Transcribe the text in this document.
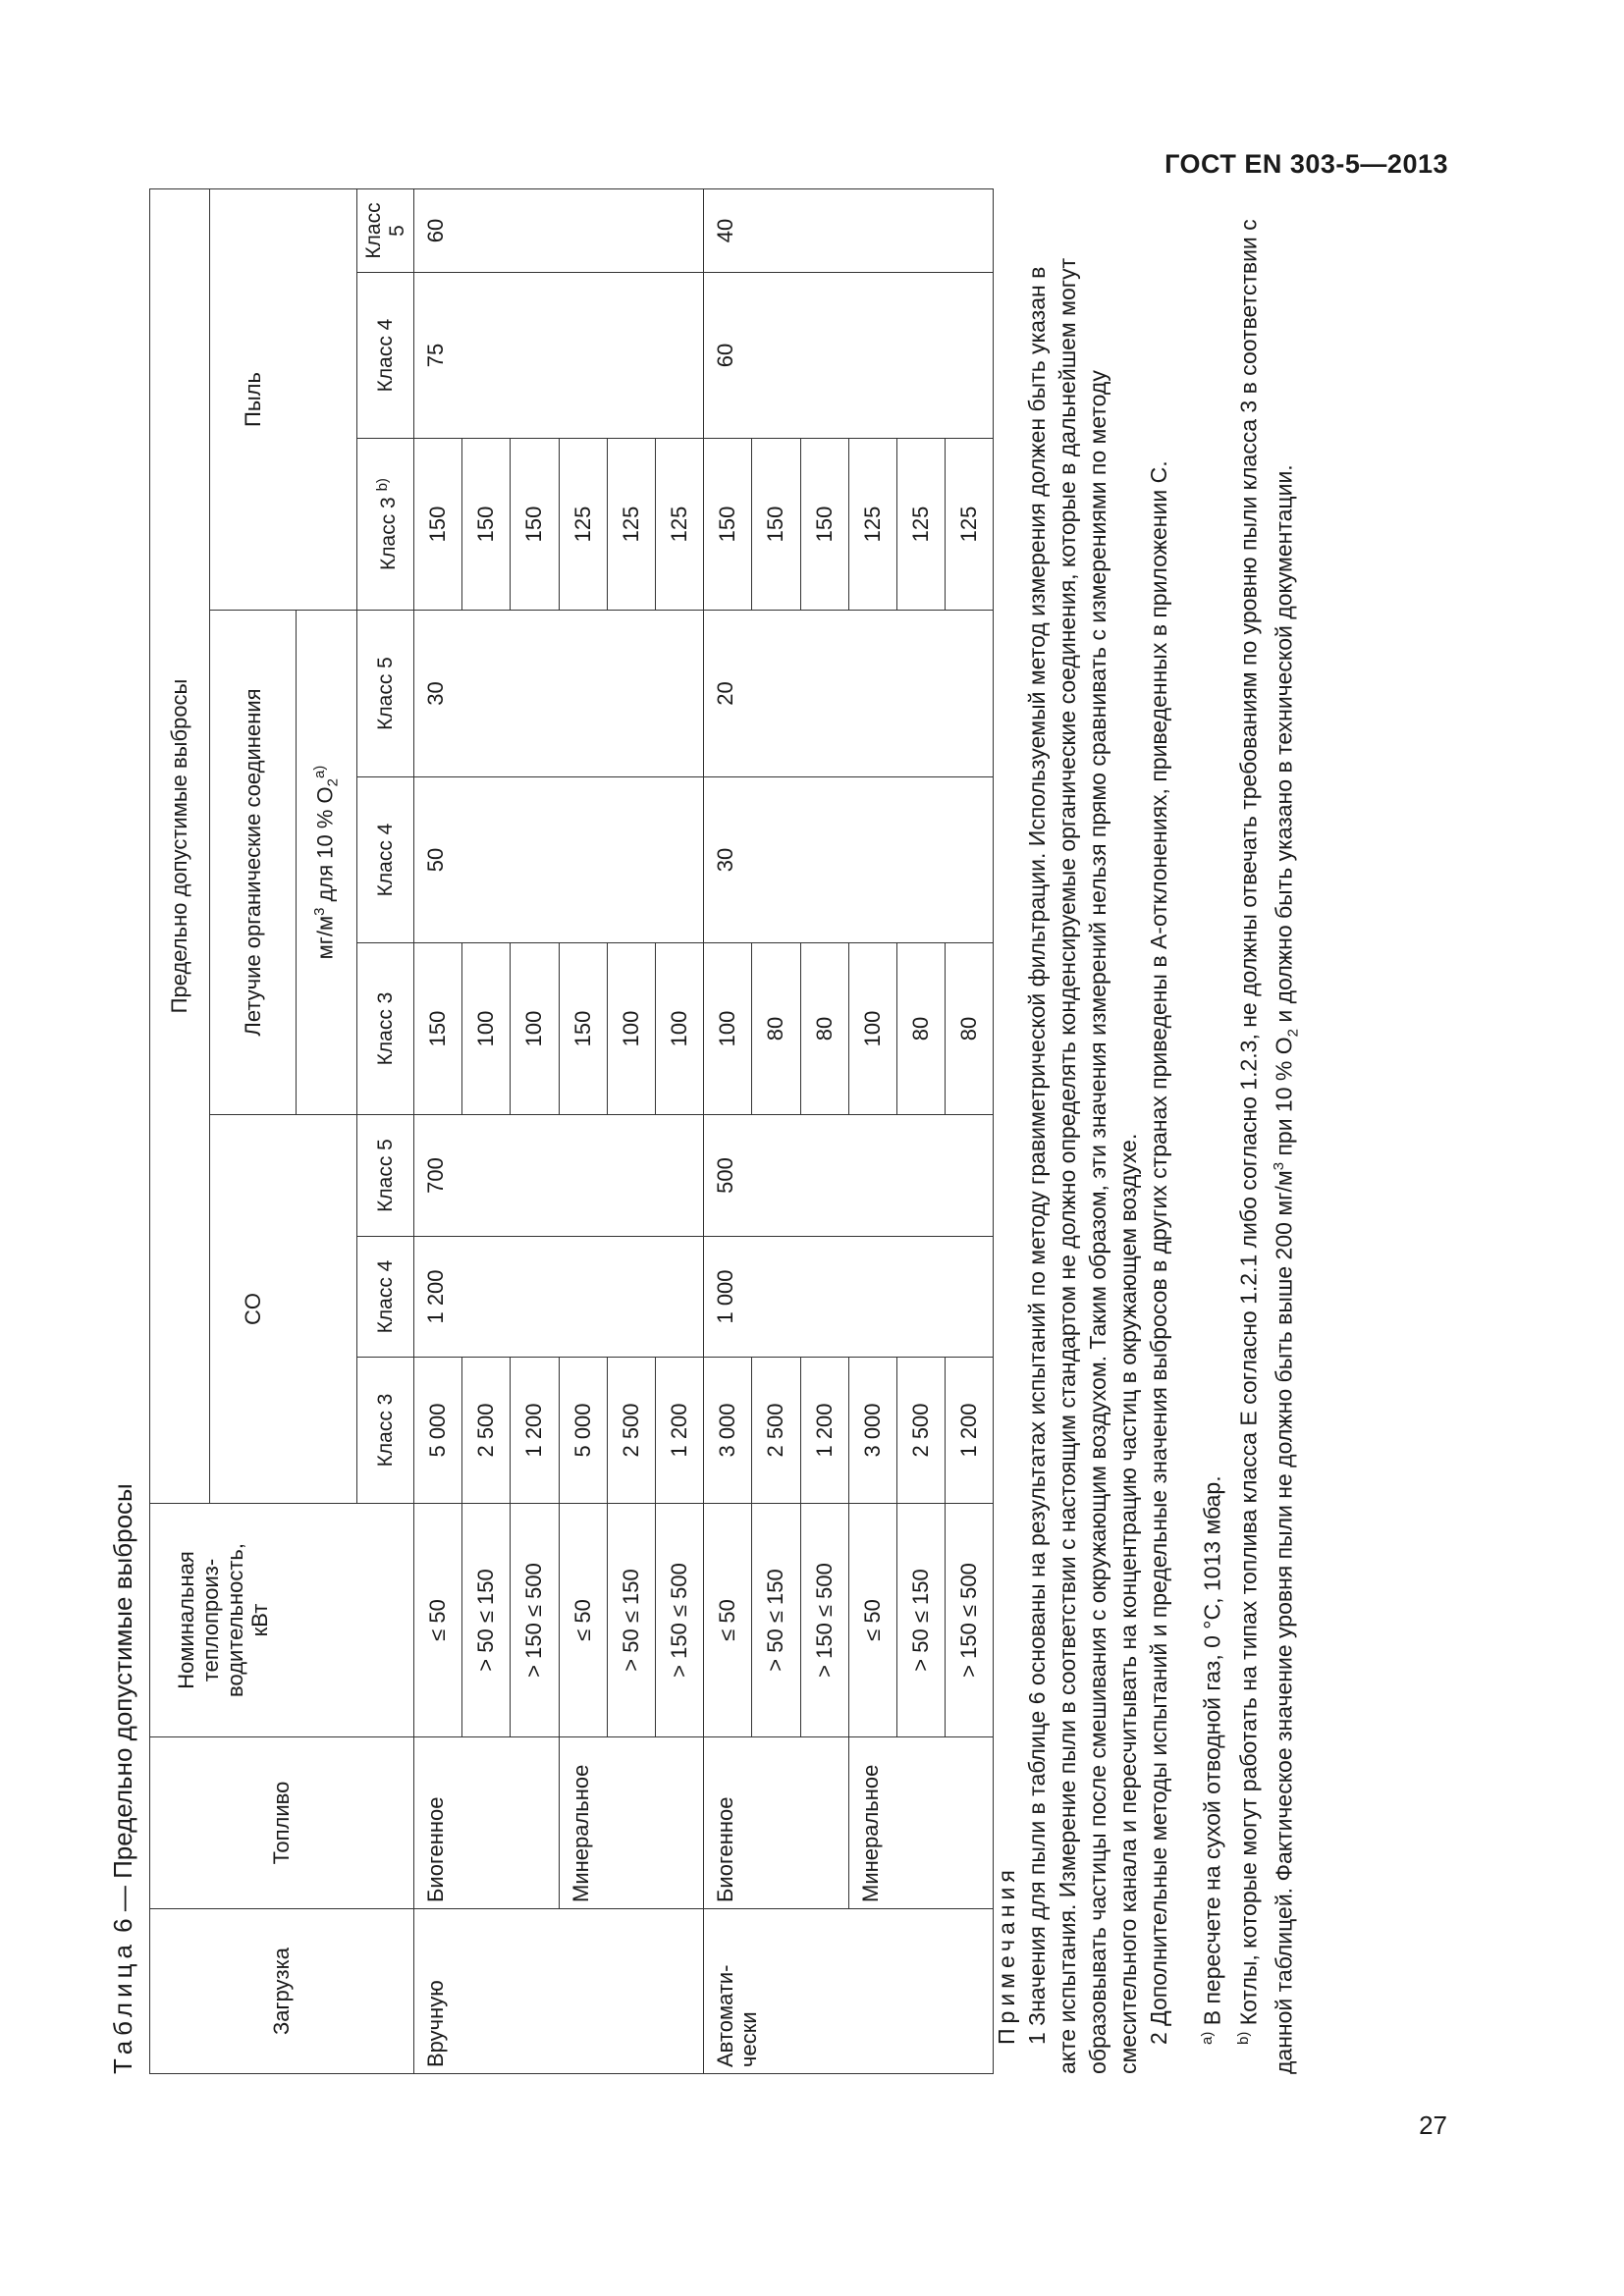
ГОСТ EN 303-5—2013
Таблица 6 — Предельно допустимые выбросы
Загрузка	Топливо	Номинальная
теплопроиз-
водительность,
кВт	Предельно допустимые выбросы								
			CO			Летучие органические соединения			Пыль		
						$мг/м^3$ для 10 % $O_2^{a)}$	
			Класс 3	Класс 4	Класс 5	Класс 3	Класс 4	Класс 5	Класс 3 $^{b)}$	Класс 4	Класс 5
Вручную	Биогенное	≤ 50	5 000	1 200	700	150	50	30	150	75	60
		> 50 ≤ 150	2 500			100			150		
		> 150 ≤ 500	1 200			100			150		
	Минеральное	≤ 50	5 000			150			125		
		> 50 ≤ 150	2 500			100			125		
		> 150 ≤ 500	1 200			100			125		
Автомати-чески	Биогенное	≤ 50	3 000	1 000	500	100	30	20	150	60	40
		> 50 ≤ 150	2 500			80			150		
		> 150 ≤ 500	1 200			80			150		
	Минеральное	≤ 50	3 000			100			125		
		> 50 ≤ 150	2 500			80			125		
		> 150 ≤ 500	1 200			80			125		

Примечания 1 Значения для пыли в таблице 6 основаны на результатах испытаний по методу гравиметрической фильтрации. Используемый метод измерения должен быть указан в акте испытания. Измерение пыли в соответствии с настоящим стандартом не должно определять конденсируемые органические соединения, которые в дальнейшем могут образовывать частицы после смешивания с окружающим воздухом. Таким образом, эти значения измерений нельзя прямо сравнивать с измерениями по методу смесительного канала и пересчитывать на концентрацию частиц в окружающем воздухе. 2 Дополнительные методы испытаний и предельные значения выбросов в других странах приведены в A-отклонениях, приведенных в приложении С.	$^{a)}$ В пересчете на сухой отводной газ, 0 °С, 1013 мбар.

$^{b)}$ Котлы, которые могут работать на типах топлива класса Е согласно 1.2.1 либо согласно 1.2.3, не должны отвечать требованиям по уровню пыли класса 3 в соответствии с данной таблицей. Фактическое значение уровня пыли не должно быть выше 200 $мг/м^3$ при 10 % $O_2$ и должно быть указано в технической документации.

27
